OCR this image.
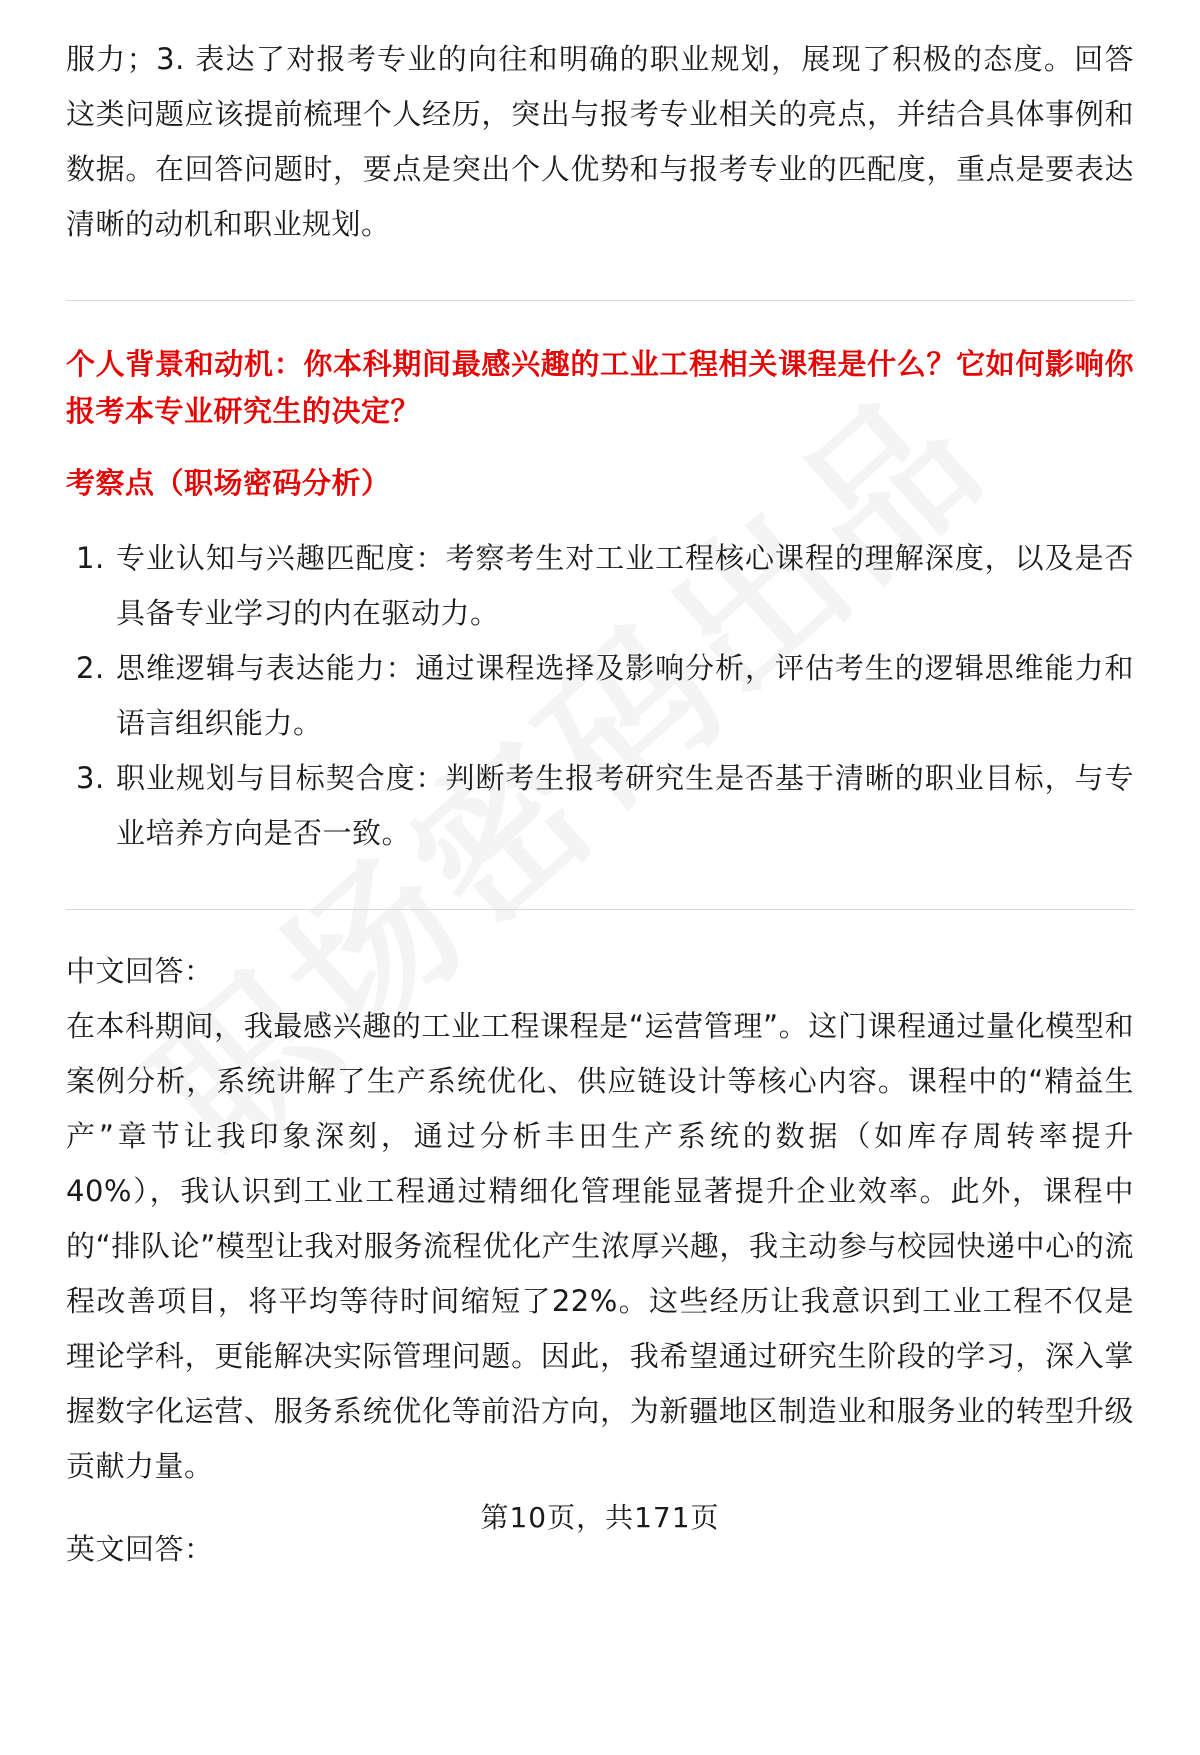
服力；3. 表达了对报考专业的向往和明确的职业规划，展现了积极的态度。回答这类问题应该提前梳理个人经历，突出与报考专业相关的亮点，并结合具体事例和数据。在回答问题时，要点是突出个人优势和与报考专业的匹配度，重点是要表达清晰的动机和职业规划。

个人背景和动机：你本科期间最感兴趣的工业工程相关课程是什么？它如何影响你报考本专业研究生的决定？
考察点（职场密码分析）
1. 专业认知与兴趣匹配度：考察考生对工业工程核心课程的理解深度，以及是否具备专业学习的内在驱动力。
2. 思维逻辑与表达能力：通过课程选择及影响分析，评估考生的逻辑思维能力和语言组织能力。
3. 职业规划与目标契合度：判断考生报考研究生是否基于清晰的职业目标，与专业培养方向是否一致。

中文回答：

在本科期间，我最感兴趣的工业工程课程是“运营管理”。这门课程通过量化模型和案例分析，系统讲解了生产系统优化、供应链设计等核心内容。课程中的“精益生产”章节让我印象深刻，通过分析丰田生产系统的数据（如库存周转率提升40%），我认识到工业工程通过精细化管理能显著提升企业效率。此外，课程中的“排队论”模型让我对服务流程优化产生浓厚兴趣，我主动参与校园快递中心的流程改善项目，将平均等待时间缩短了22%。这些经历让我意识到工业工程不仅是理论学科，更能解决实际管理问题。因此，我希望通过研究生阶段的学习，深入掌握数字化运营、服务系统优化等前沿方向，为新疆地区制造业和服务业的转型升级贡献力量。

英文回答：

第10页，共171页
